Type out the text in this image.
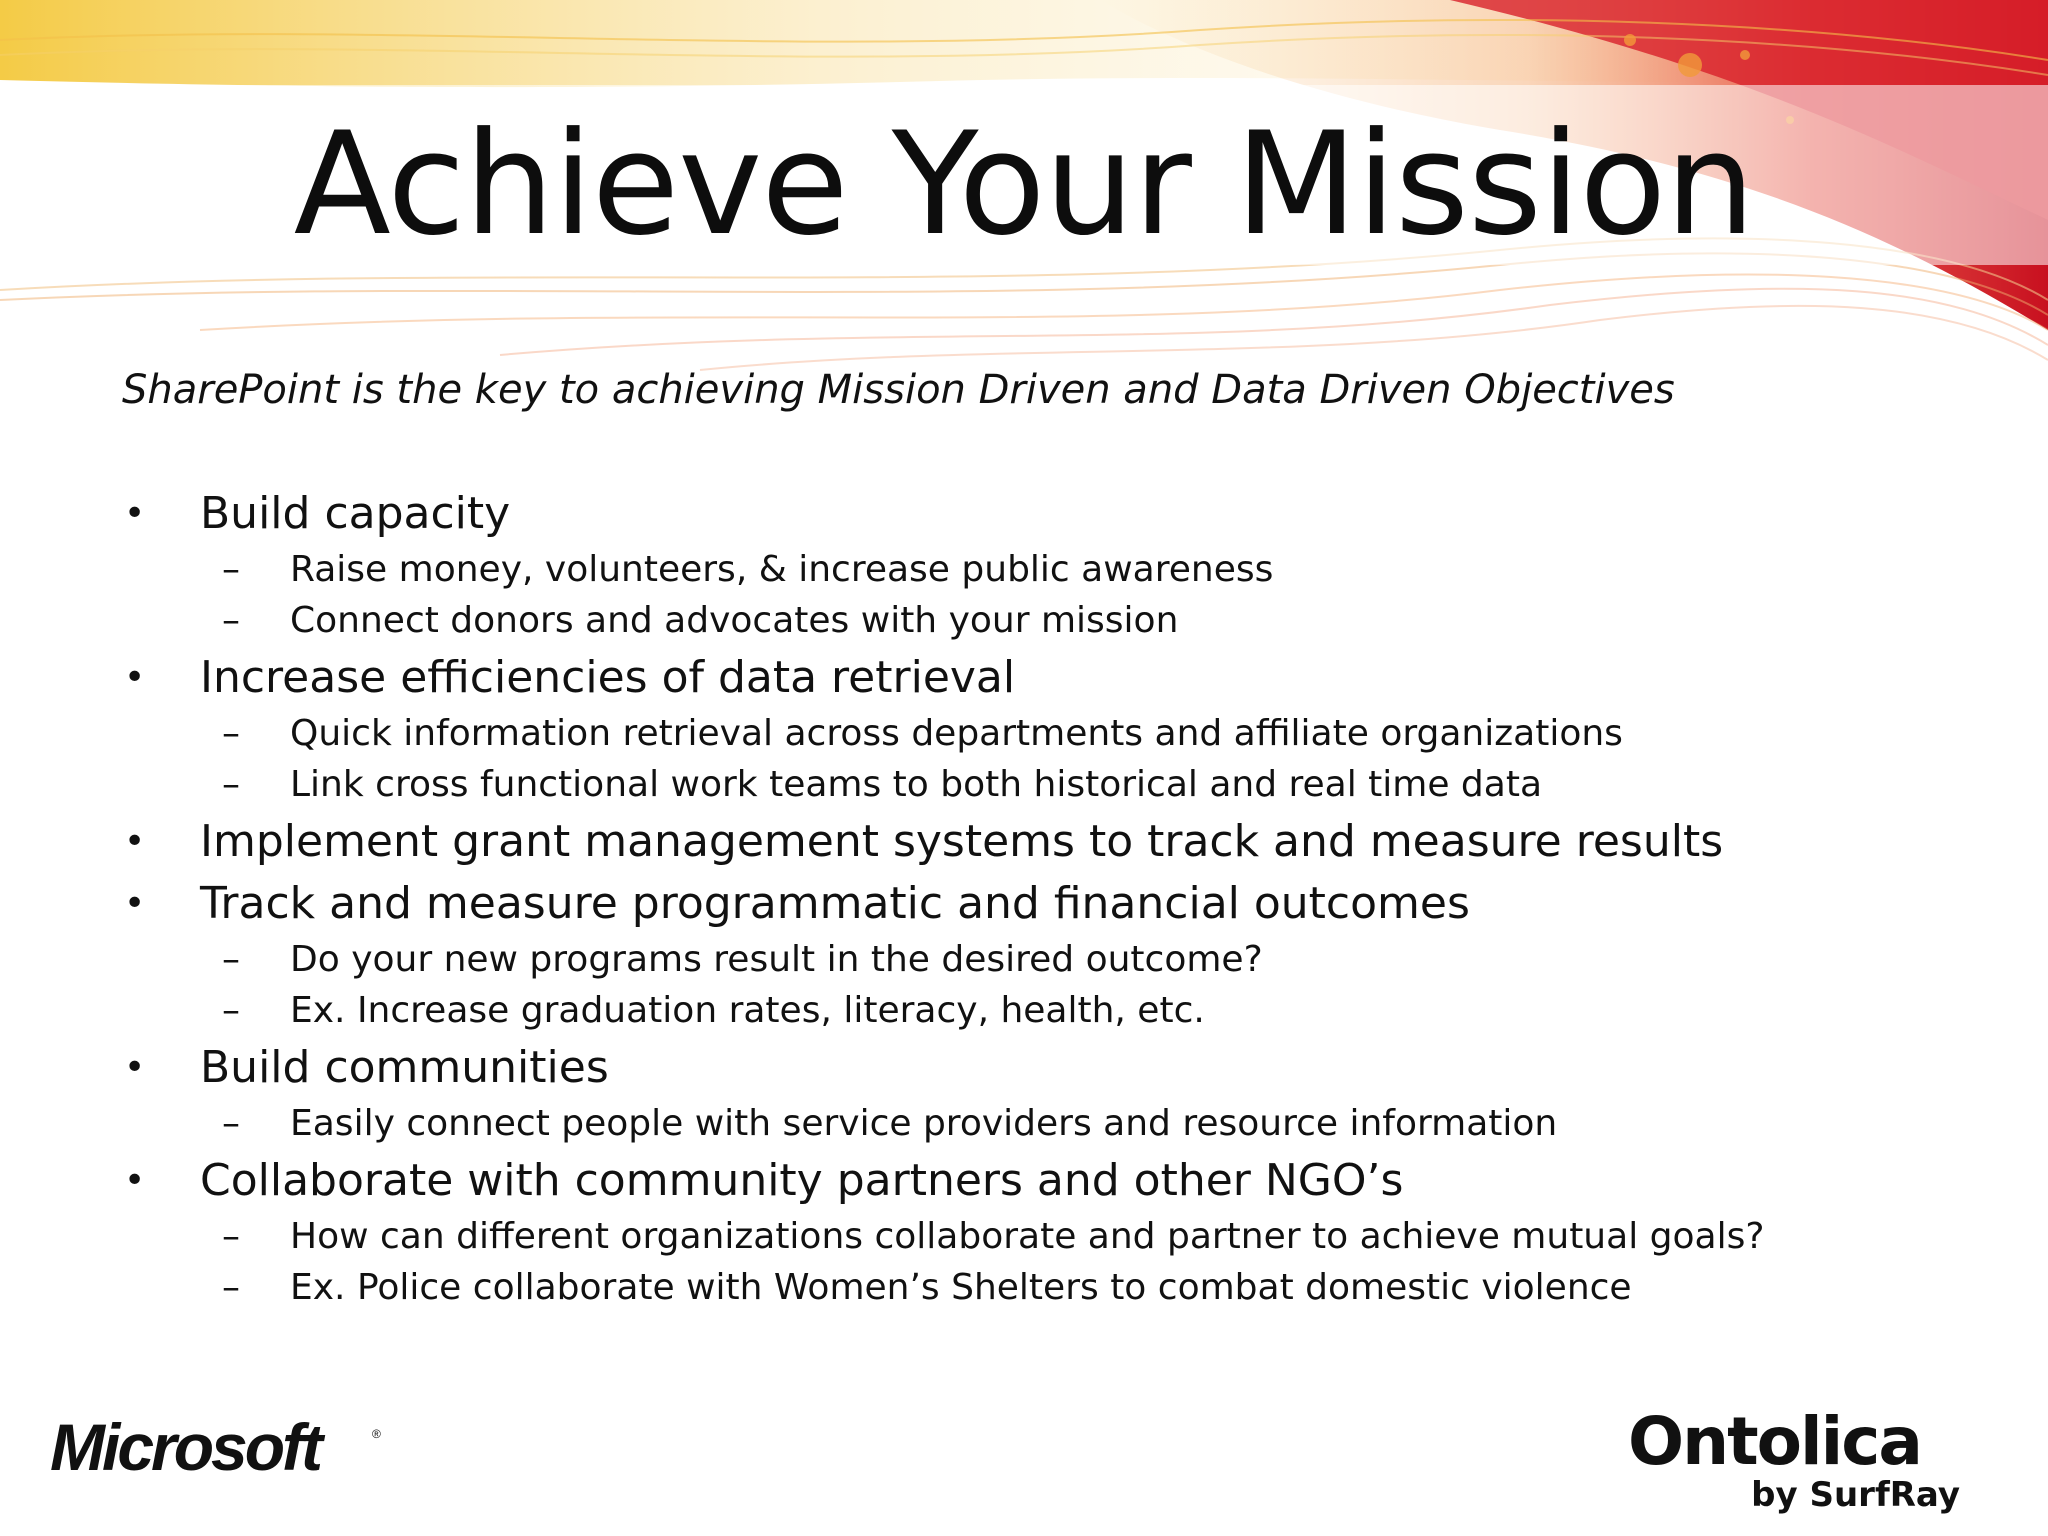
Achieve Your Mission
SharePoint is the key to achieving Mission Driven and Data Driven Objectives
• Build capacity
– Raise money, volunteers, & increase public awareness
– Connect donors and advocates with your mission
• Increase efficiencies of data retrieval
– Quick information retrieval across departments and affiliate organizations
– Link cross functional work teams to both historical and real time data
• Implement grant management systems to track and measure results
• Track and measure programmatic and financial outcomes
– Do your new programs result in the desired outcome?
– Ex. Increase graduation rates, literacy, health, etc.
• Build communities
– Easily connect people with service providers and resource information
• Collaborate with community partners and other NGO’s
– How can different organizations collaborate and partner to achieve mutual goals?
– Ex. Police collaborate with Women’s Shelters to combat domestic violence
Microsoft	®	Ontolica
by SurfRay
